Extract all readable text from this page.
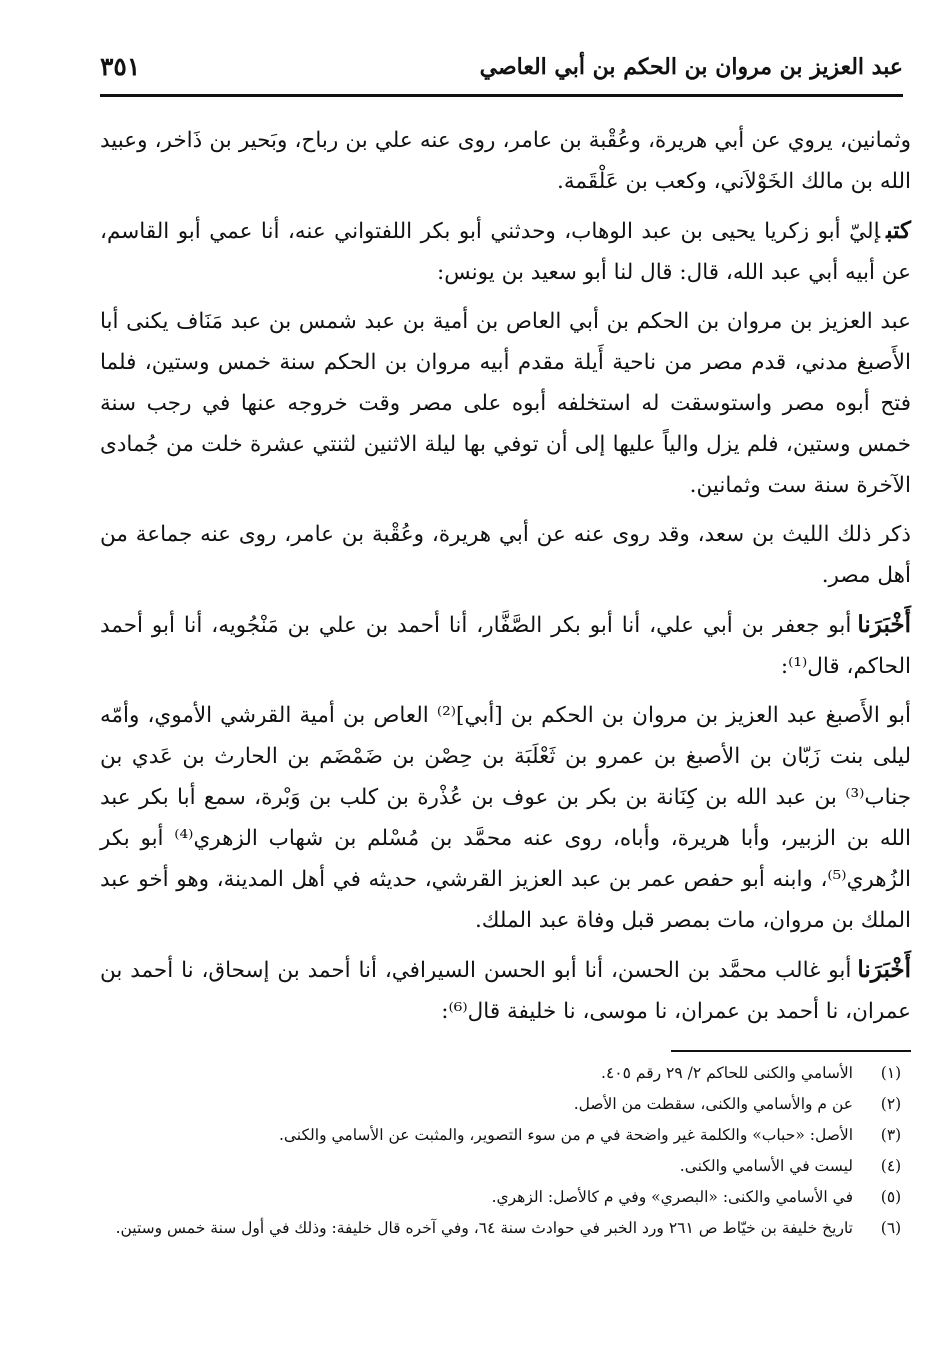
عبد العزيز بن مروان بن الحكم بن أبي العاصي
٣٥١

وثمانين، يروي عن أبي هريرة، وعُقْبة بن عامر، روى عنه علي بن رباح، وبَحير بن ذَاخر، وعبيد الله بن مالك الخَوْلاَني، وكعب بن عَلْقَمة.

كتبإليّ أبو زكريا يحيى بن عبد الوهاب، وحدثني أبو بكر اللفتواني عنه، أنا عمي أبو القاسم، عن أبيه أبي عبد الله، قال: قال لنا أبو سعيد بن يونس:

عبد العزيز بن مروان بن الحكم بن أبي العاص بن أمية بن عبد شمس بن عبد مَنَاف يكنى أبا الأَصبغ مدني، قدم مصر من ناحية أَيلة مقدم أبيه مروان بن الحكم سنة خمس وستين، فلما فتح أبوه مصر واستوسقت له استخلفه أبوه على مصر وقت خروجه عنها في رجب سنة خمس وستين، فلم يزل والياً عليها إلى أن توفي بها ليلة الاثنين لثنتي عشرة خلت من جُمادى الآخرة سنة ست وثمانين.

ذكر ذلك الليث بن سعد، وقد روى عنه عن أبي هريرة، وعُقْبة بن عامر، روى عنه جماعة من أهل مصر.

أَخْبَرَناأبو جعفر بن أبي علي، أنا أبو بكر الصَّفَّار، أنا أحمد بن علي بن مَنْجُويه، أنا أبو أحمد الحاكم، قال⁽¹⁾:

أبو الأَصبغ عبد العزيز بن مروان بن الحكم بن [أبي]⁽²⁾ العاص بن أمية القرشي الأموي، وأمّه ليلى بنت زَبّان بن الأصبغ بن عمرو بن ثَعْلَبَة بن حِصْن بن ضَمْضَم بن الحارث بن عَدي بن جناب⁽³⁾ بن عبد الله بن كِنَانة بن بكر بن عوف بن عُذْرة بن كلب بن وَبْرة، سمع أبا بكر عبد الله بن الزبير، وأبا هريرة، وأباه، روى عنه محمَّد بن مُسْلم بن شهاب الزهري⁽⁴⁾ أبو بكر الزُهري⁽⁵⁾، وابنه أبو حفص عمر بن عبد العزيز القرشي، حديثه في أهل المدينة، وهو أخو عبد الملك بن مروان، مات بمصر قبل وفاة عبد الملك.

أَخْبَرَناأبو غالب محمَّد بن الحسن، أنا أبو الحسن السيرافي، أنا أحمد بن إسحاق، نا أحمد بن عمران، نا أحمد بن عمران، نا موسى، نا خليفة قال⁽⁶⁾:

(١)
الأسامي والكنى للحاكم ٢/ ٢٩ رقم ٤٠٥.
(٢)
عن م والأسامي والكنى، سقطت من الأصل.
(٣)
الأصل: «حباب» والكلمة غير واضحة في م من سوء التصوير، والمثبت عن الأسامي والكنى.
(٤)
ليست في الأسامي والكنى.
(٥)
في الأسامي والكنى: «البصري» وفي م كالأصل: الزهري.
(٦)
تاريخ خليفة بن خيّاط ص ٢٦١ ورد الخبر في حوادث سنة ٦٤، وفي آخره قال خليفة: وذلك في أول سنة خمس وستين.
